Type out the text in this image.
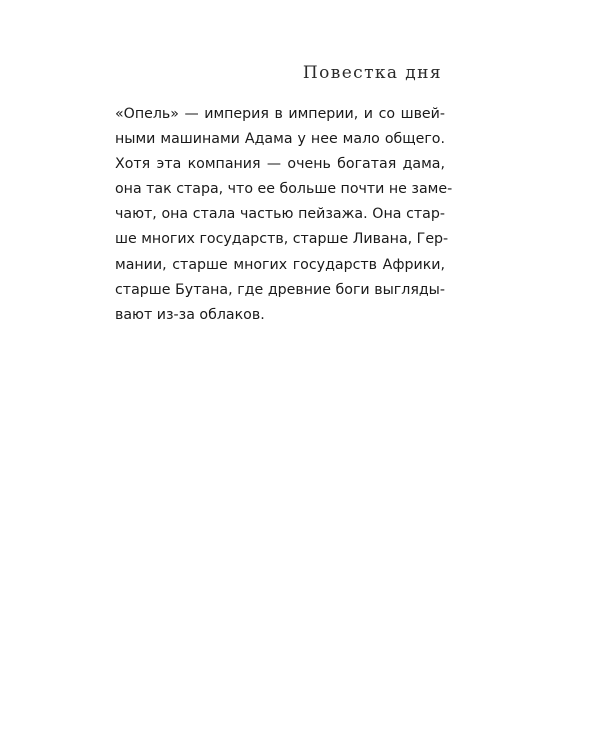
Повестка дня
«Опель» — империя в империи, и со швей-
ными машинами Адама у нее мало общего.
Хотя эта компания — очень богатая дама,
она так стара, что ее больше почти не заме-
чают, она стала частью пейзажа. Она стар-
ше многих государств, старше Ливана, Гер-
мании, старше многих государств Африки,
старше Бутана, где древние боги выгляды-
вают из-за облаков.
